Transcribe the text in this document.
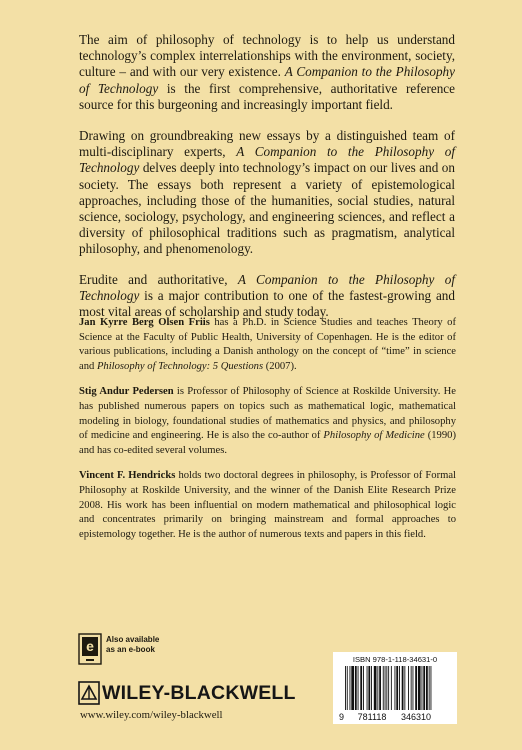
The aim of philosophy of technology is to help us understand technology’s complex interrelationships with the environment, society, culture – and with our very existence. A Companion to the Philosophy of Technology is the first comprehensive, authoritative reference source for this burgeoning and increasingly important field.

Drawing on groundbreaking new essays by a distinguished team of multi-disciplinary experts, A Companion to the Philosophy of Technology delves deeply into technology’s impact on our lives and on society. The essays both represent a variety of epistemological approaches, including those of the humanities, social studies, natural science, sociology, psychology, and engineering sciences, and reflect a diversity of philosophical traditions such as pragmatism, analytical philosophy, and phenomenology.

Erudite and authoritative, A Companion to the Philosophy of Technology is a major contribution to one of the fastest-growing and most vital areas of scholarship and study today.

Jan Kyrre Berg Olsen Friis has a Ph.D. in Science Studies and teaches Theory of Science at the Faculty of Public Health, University of Copenhagen. He is the editor of various publications, including a Danish anthology on the concept of “time” in science and Philosophy of Technology: 5 Questions (2007).

Stig Andur Pedersen is Professor of Philosophy of Science at Roskilde University. He has published numerous papers on topics such as mathematical logic, mathematical modeling in biology, foundational studies of mathematics and physics, and philosophy of medicine and engineering. He is also the co-author of Philosophy of Medicine (1990) and has co-edited several volumes.

Vincent F. Hendricks holds two doctoral degrees in philosophy, is Professor of Formal Philosophy at Roskilde University, and the winner of the Danish Elite Research Prize 2008. His work has been influential on modern mathematical and philosophical logic and concentrates primarily on bringing mainstream and formal approaches to epistemology together. He is the author of numerous texts and papers in this field.

e Also available
as an e-book
WILEY-BLACKWELL
www.wiley.com/wiley-blackwell
ISBN 978-1-118-34631-0
9 781118 346310
